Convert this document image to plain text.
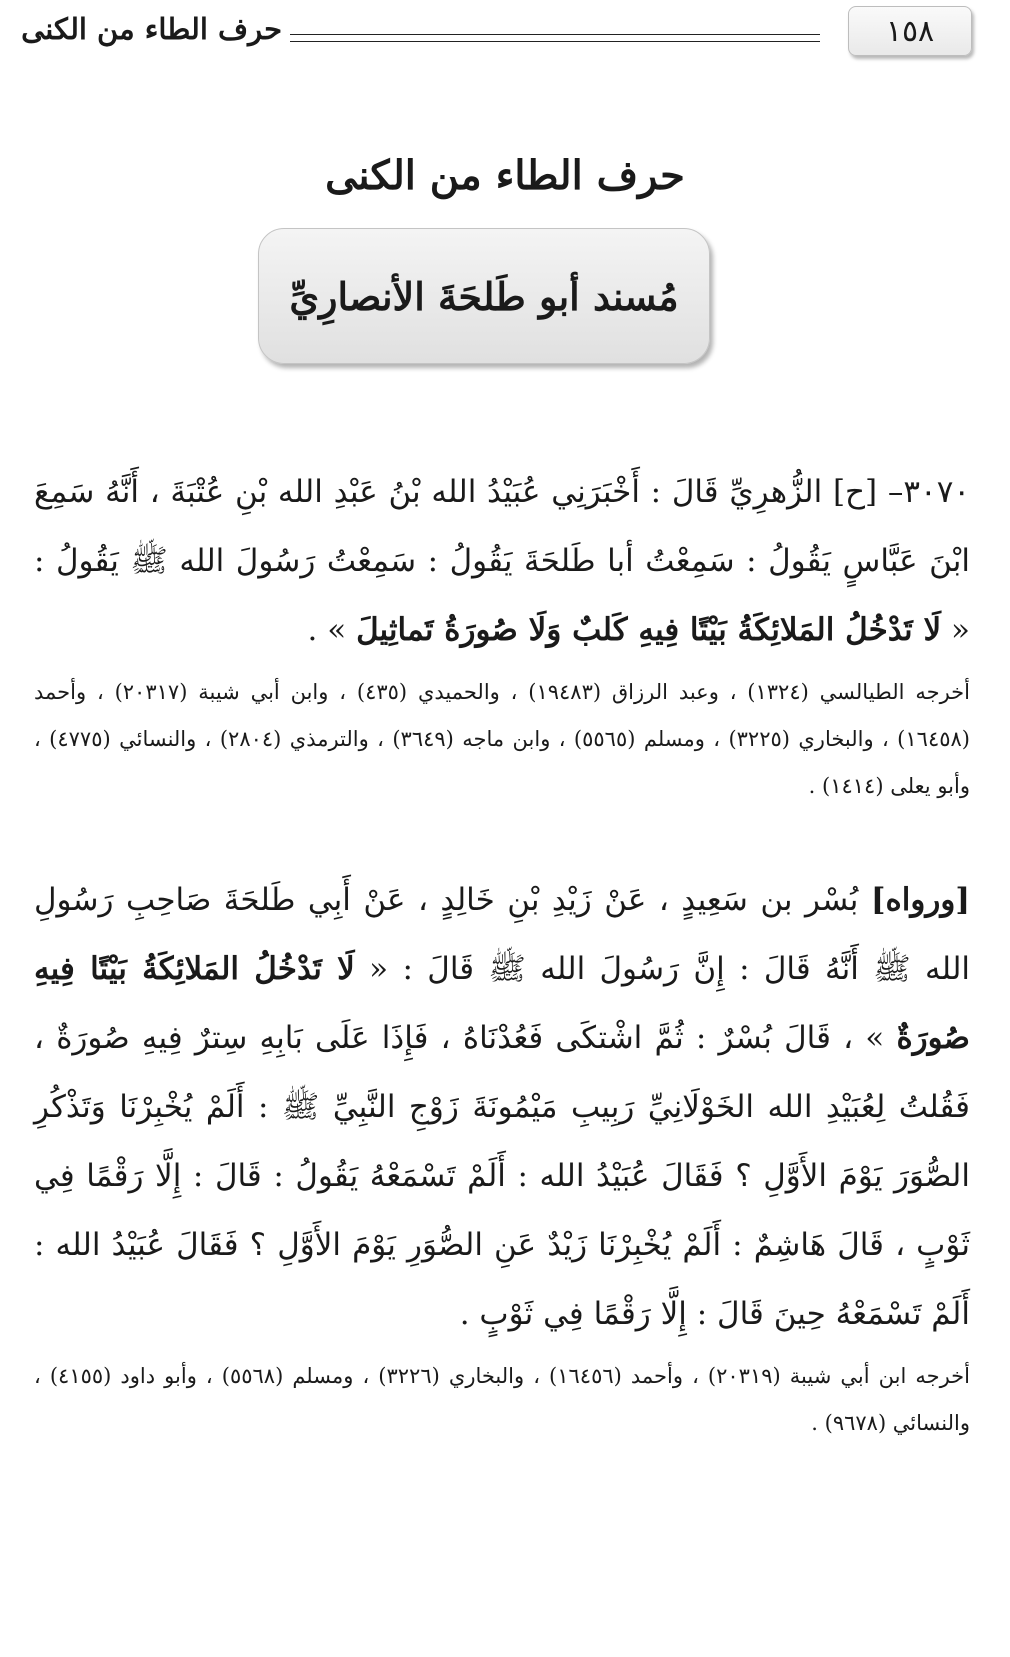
١٥٨
حرف الطاء من الكنى
حرف الطاء من الكنى
مُسند أبو طَلحَةَ الأنصارِيِّ
٣٠٧٠– [ح] الزُّهرِيِّ قَالَ : أَخْبَرَنِي عُبَيْدُ الله بْنُ عَبْدِ الله بْنِ عُتْبَةَ ، أَنَّهُ سَمِعَ ابْنَ عَبَّاسٍ يَقُولُ : سَمِعْتُ أبا طَلحَةَ يَقُولُ : سَمِعْتُ رَسُولَ الله ﷺ يَقُولُ : « لَا تَدْخُلُ المَلائِكَةُ بَيْتًا فِيهِ كَلبٌ وَلَا صُورَةُ تَماثِيلَ » .
أخرجه الطيالسي (١٣٢٤) ، وعبد الرزاق (١٩٤٨٣) ، والحميدي (٤٣٥) ، وابن أبي شيبة (٢٠٣١٧) ، وأحمد (١٦٤٥٨) ، والبخاري (٣٢٢٥) ، ومسلم (٥٥٦٥) ، وابن ماجه (٣٦٤٩) ، والترمذي (٢٨٠٤) ، والنسائي (٤٧٧٥) ، وأبو يعلى (١٤١٤) .
[ورواه] بُسْر بن سَعِيدٍ ، عَنْ زَيْدِ بْنِ خَالِدٍ ، عَنْ أَبِي طَلحَةَ صَاحِبِ رَسُولِ الله ﷺ أَنَّهُ قَالَ : إِنَّ رَسُولَ الله ﷺ قَالَ : « لَا تَدْخُلُ المَلائِكَةُ بَيْتًا فِيهِ صُورَةٌ » ، قَالَ بُسْرٌ : ثُمَّ اشْتكَى فَعُدْنَاهُ ، فَإِذَا عَلَى بَابِهِ سِترٌ فِيهِ صُورَةٌ ، فَقُلتُ لِعُبَيْدِ الله الخَوْلَانِيِّ رَبِيبِ مَيْمُونَةَ زَوْجِ النَّبِيِّ ﷺ : أَلَمْ يُخْبِرْنَا وَتَذْكُرِ الصُّوَرَ يَوْمَ الأَوَّلِ ؟ فَقَالَ عُبَيْدُ الله : أَلَمْ تَسْمَعْهُ يَقُولُ : قَالَ : إِلَّا رَقْمًا فِي ثَوْبٍ ، قَالَ هَاشِمٌ : أَلَمْ يُخْبِرْنَا زَيْدٌ عَنِ الصُّوَرِ يَوْمَ الأَوَّلِ ؟ فَقَالَ عُبَيْدُ الله : أَلَمْ تَسْمَعْهُ حِينَ قَالَ : إِلَّا رَقْمًا فِي ثَوْبٍ .
أخرجه ابن أبي شيبة (٢٠٣١٩) ، وأحمد (١٦٤٥٦) ، والبخاري (٣٢٢٦) ، ومسلم (٥٥٦٨) ، وأبو داود (٤١٥٥) ، والنسائي (٩٦٧٨) .
